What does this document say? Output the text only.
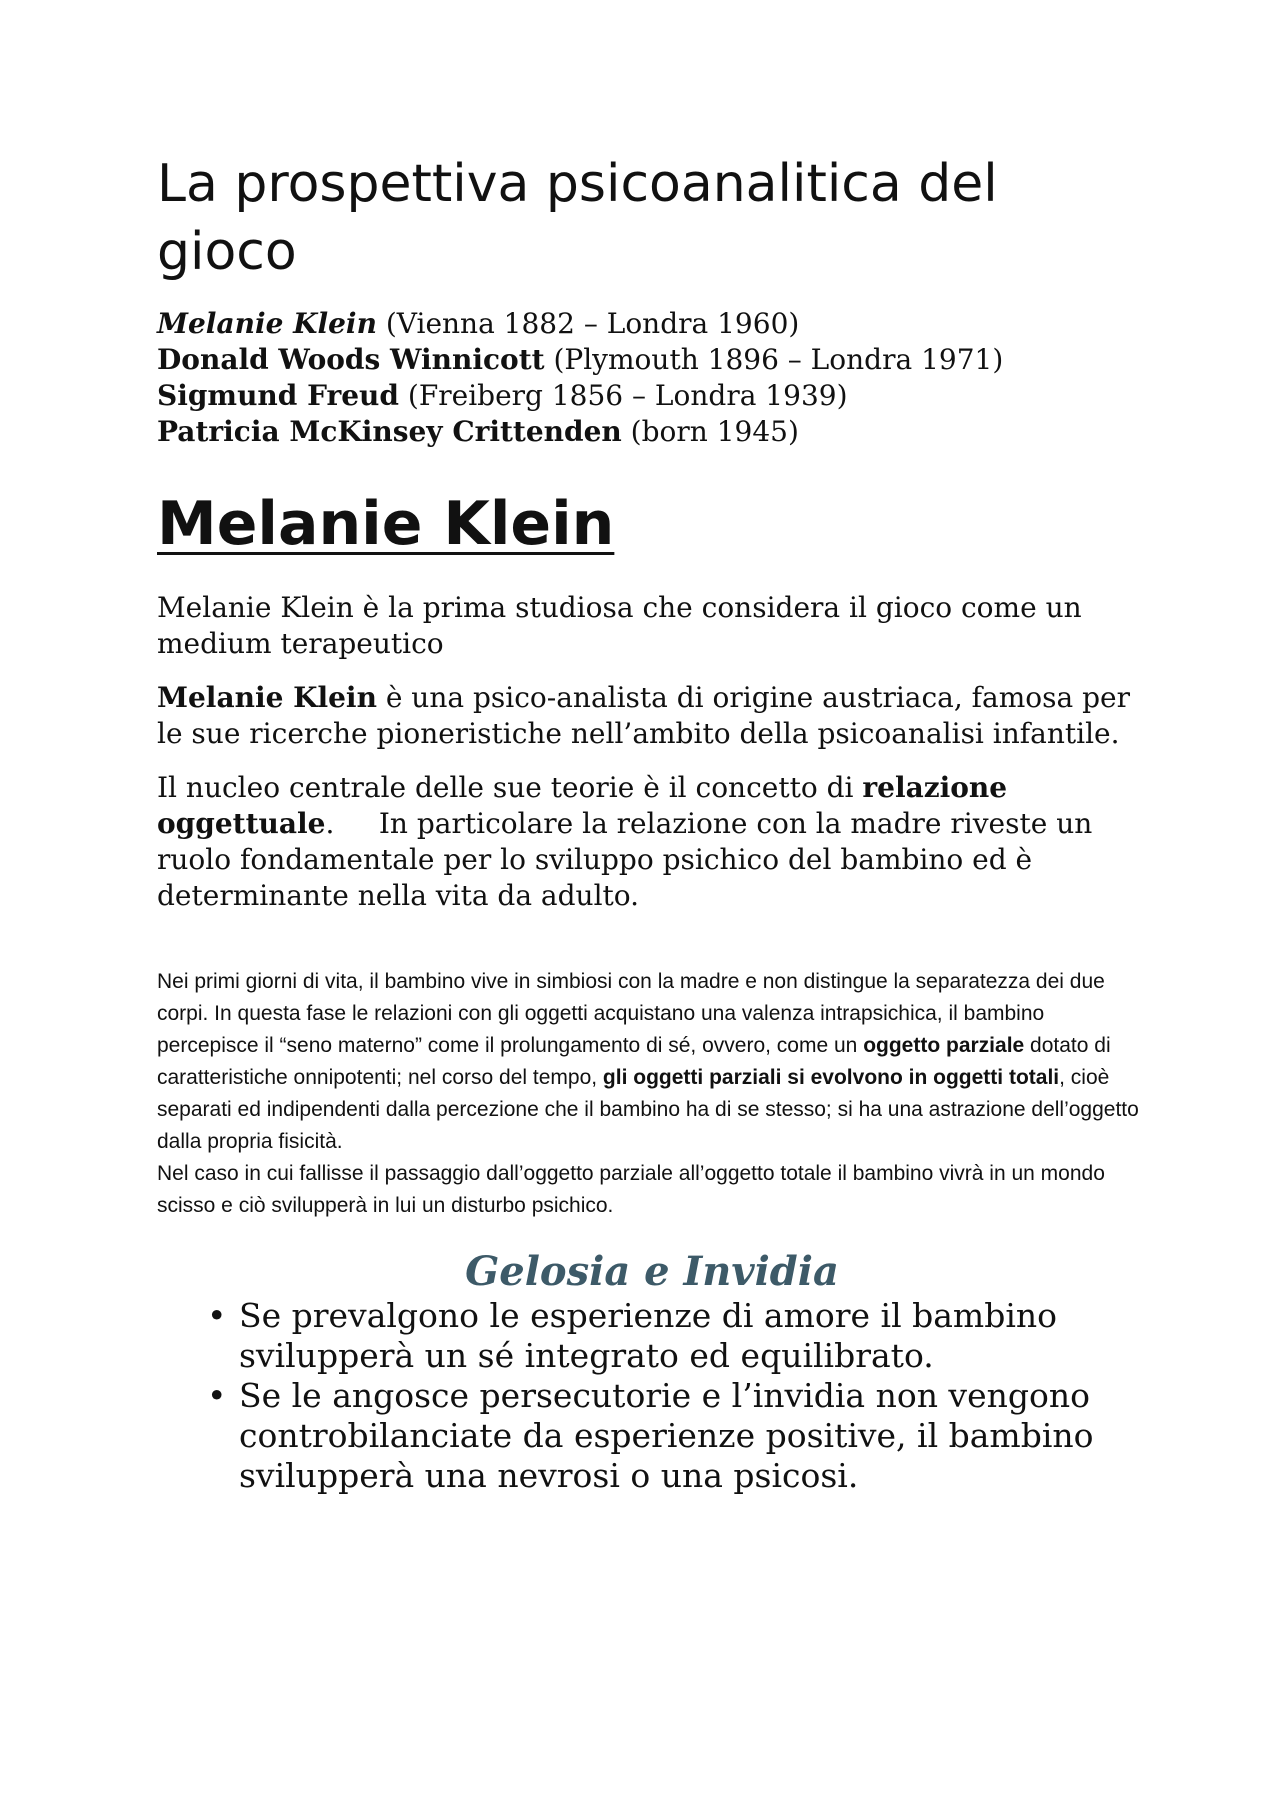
La prospettiva psicoanalitica del gioco
Melanie Klein (Vienna 1882 – Londra 1960)
Donald Woods Winnicott (Plymouth 1896 – Londra 1971)
Sigmund Freud (Freiberg 1856 – Londra 1939)
Patricia McKinsey Crittenden (born 1945)
Melanie Klein

Melanie Klein è la prima studiosa che considera il gioco come un medium terapeutico

Melanie Klein è una psico-analista di origine austriaca, famosa per le sue ricerche pioneristiche nell’ambito della psicoanalisi infantile.

Il nucleo centrale delle sue teorie è il concetto di relazione oggettuale.     In particolare la relazione con la madre riveste un ruolo fondamentale per lo sviluppo psichico del bambino ed è determinante nella vita da adulto.

Nei primi giorni di vita, il bambino vive in simbiosi con la madre e non distingue la separatezza dei due corpi. In questa fase le relazioni con gli oggetti acquistano una valenza intrapsichica, il bambino percepisce il “seno materno” come il prolungamento di sé, ovvero, come un oggetto parziale dotato di caratteristiche onnipotenti; nel corso del tempo, gli oggetti parziali si evolvono in oggetti totali, cioè separati ed indipendenti dalla percezione che il bambino ha di se stesso; si ha una astrazione dell’oggetto dalla propria fisicità.
Nel caso in cui fallisse il passaggio dall’oggetto parziale all’oggetto totale il bambino vivrà in un mondo scisso e ciò svilupperà in lui un disturbo psichico.

Gelosia e Invidia
• Se prevalgono le esperienze di amore il bambino svilupperà un sé integrato ed equilibrato.
• Se le angosce persecutorie e l’invidia non vengono controbilanciate da esperienze positive, il bambino svilupperà una nevrosi o una psicosi.
